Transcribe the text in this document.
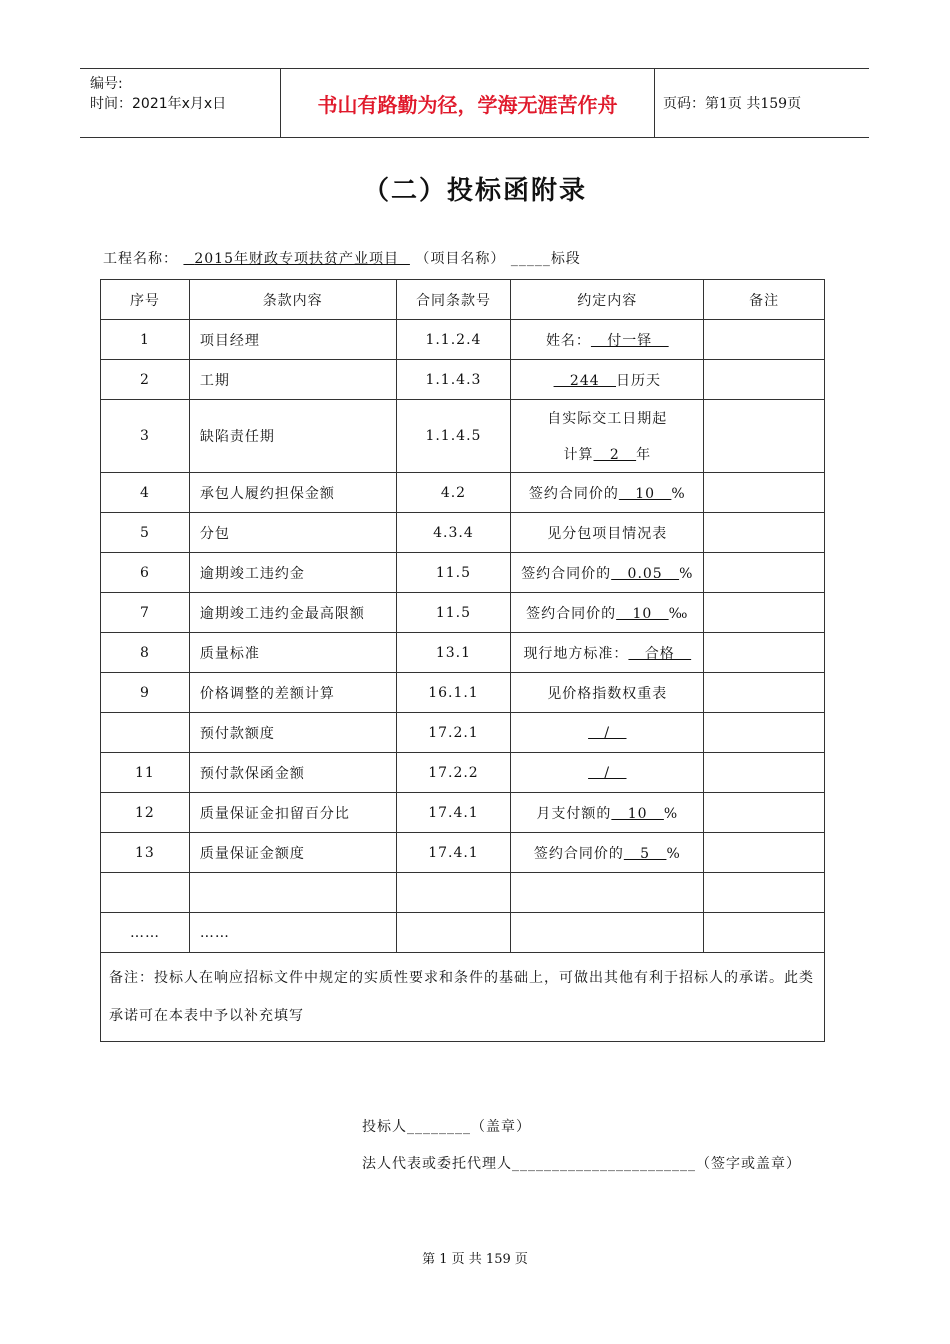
编号:
时间：2021年x月x日	书山有路勤为径，学海无涯苦作舟	页码：第1页 共159页
（二）投标函附录
工程名称： 2015年财政专项扶贫产业项目 （项目名称） _____标段
序号	条款内容	合同条款号	约定内容	备注
1	项目经理	1.1.2.4	姓名：   付一铎	

2	工期	1.1.4.3	244   日历天	

3	缺陷责任期	1.1.4.5	自实际交工日期起
计算   2   年	

4	承包人履约担保金额	4.2	签约合同价的   10   %	

5	分包	4.3.4	见分包项目情况表	

6	逾期竣工违约金	11.5	签约合同价的   0.05   %	

7	逾期竣工违约金最高限额	11.5	签约合同价的   10   ‰	

8	质量标准	13.1	现行地方标准：   合格	

9	价格调整的差额计算	16.1.1	见价格指数权重表	

	预付款额度	17.2.1	/	

11	预付款保函金额	17.2.2	/	

12	质量保证金扣留百分比	17.4.1	月支付额的   10   %	

13	质量保证金额度	17.4.1	签约合同价的   5   %	

……	……		

备注：投标人在响应招标文件中规定的实质性要求和条件的基础上，可做出其他有利于招标人的承诺。此类承诺可在本表中予以补充填写				
投标人________（盖章）
法人代表或委托代理人_______________________（签字或盖章）
第 1 页 共 159 页
